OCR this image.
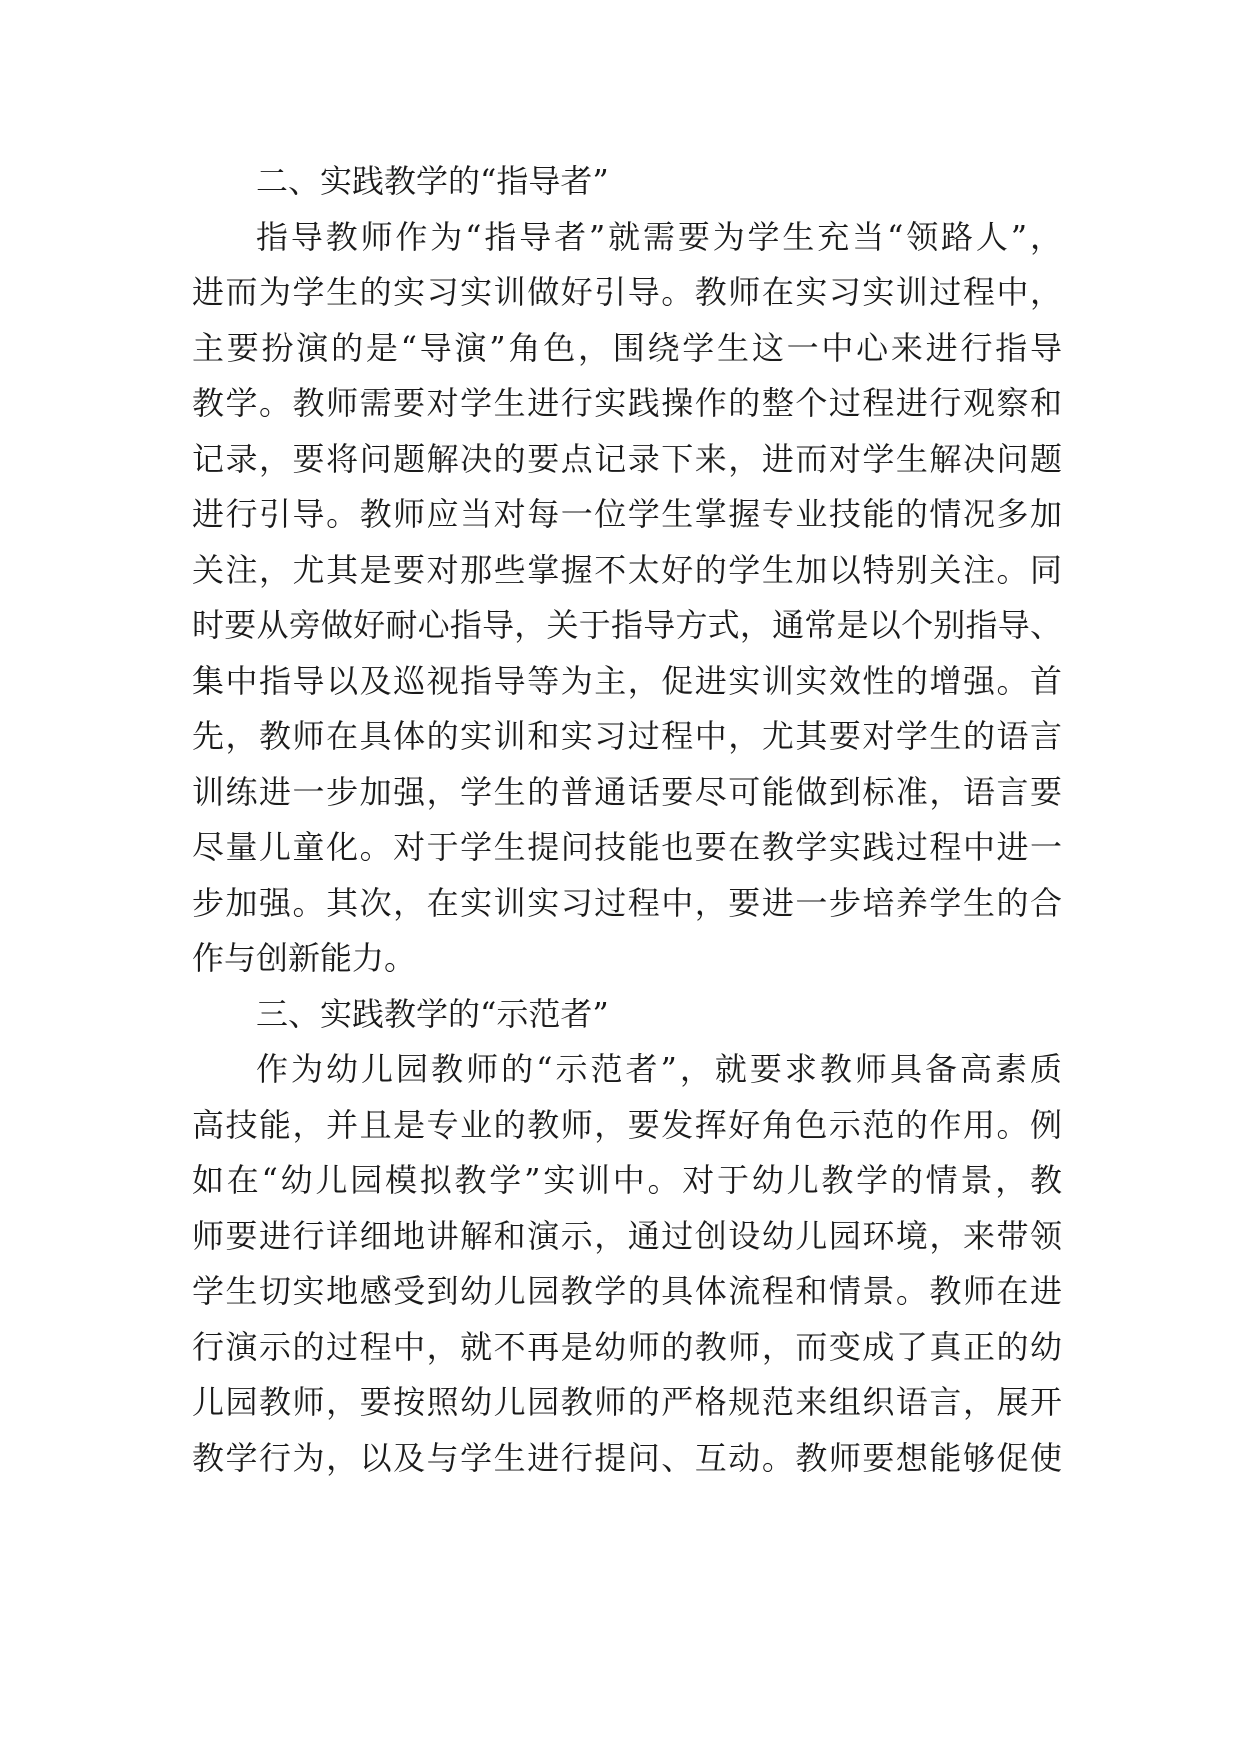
二、实践教学的“指导者”
指导教师作为“指导者”就需要为学生充当“领路人”，
进而为学生的实习实训做好引导。教师在实习实训过程中，
主要扮演的是“导演”角色，围绕学生这一中心来进行指导
教学。教师需要对学生进行实践操作的整个过程进行观察和
记录，要将问题解决的要点记录下来，进而对学生解决问题
进行引导。教师应当对每一位学生掌握专业技能的情况多加
关注，尤其是要对那些掌握不太好的学生加以特别关注。同
时要从旁做好耐心指导，关于指导方式，通常是以个别指导、
集中指导以及巡视指导等为主，促进实训实效性的增强。首
先，教师在具体的实训和实习过程中，尤其要对学生的语言
训练进一步加强，学生的普通话要尽可能做到标准，语言要
尽量儿童化。对于学生提问技能也要在教学实践过程中进一
步加强。其次，在实训实习过程中，要进一步培养学生的合
作与创新能力。
三、实践教学的“示范者”
作为幼儿园教师的“示范者”，就要求教师具备高素质
高技能，并且是专业的教师，要发挥好角色示范的作用。例
如在“幼儿园模拟教学”实训中。对于幼儿教学的情景，教
师要进行详细地讲解和演示，通过创设幼儿园环境，来带领
学生切实地感受到幼儿园教学的具体流程和情景。教师在进
行演示的过程中，就不再是幼师的教师，而变成了真正的幼
儿园教师，要按照幼儿园教师的严格规范来组织语言，展开
教学行为，以及与学生进行提问、互动。教师要想能够促使
